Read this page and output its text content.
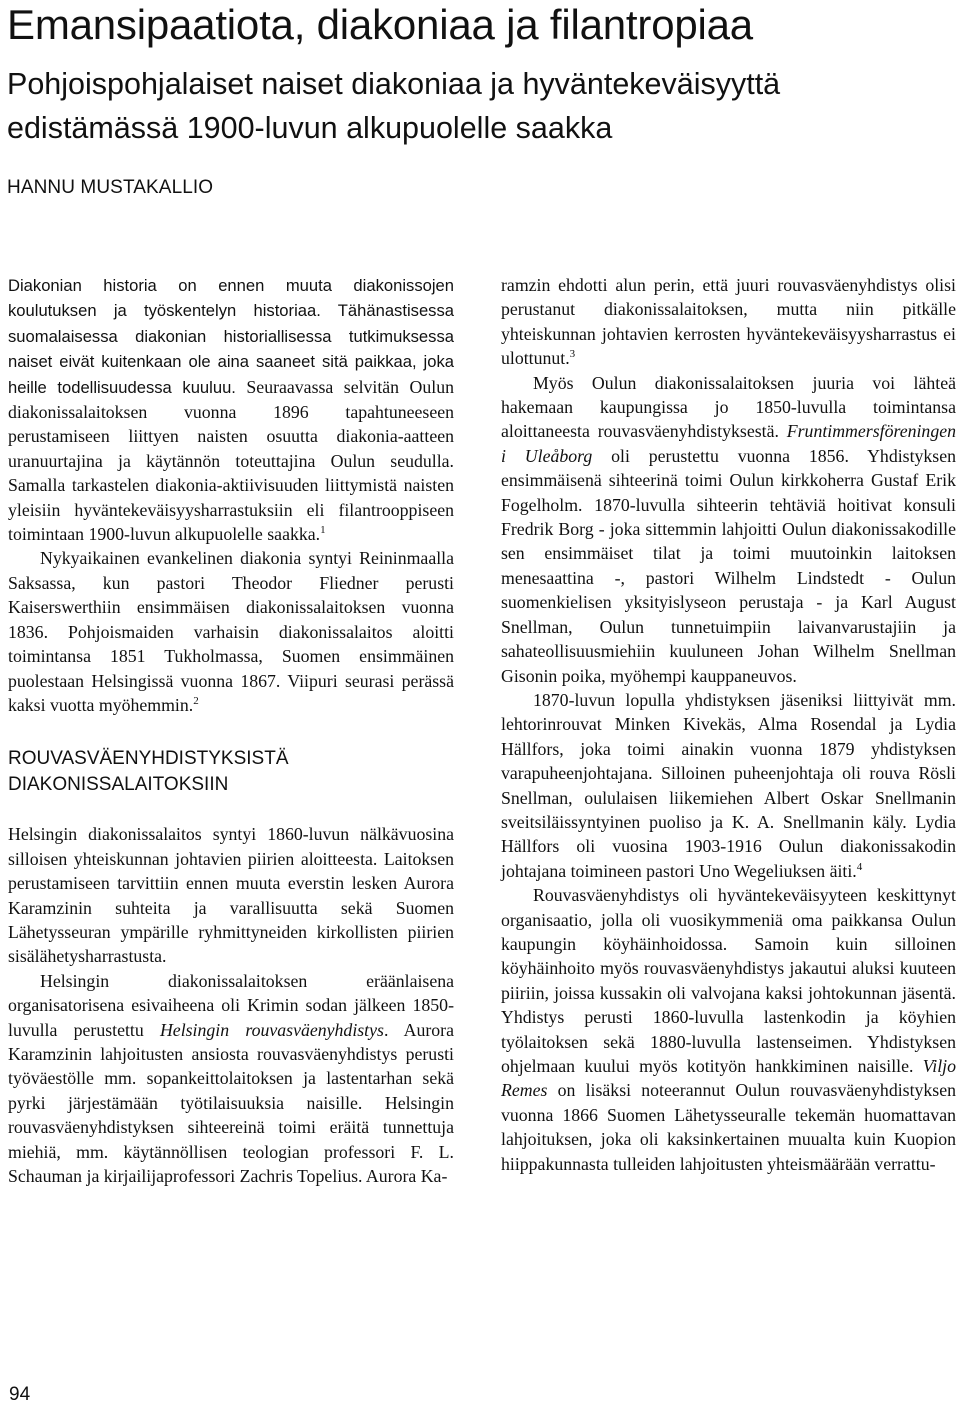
Emansipaatiota, diakoniaa ja filantropiaa
Pohjoispohjalaiset naiset diakoniaa ja hyväntekeväisyyttä
edistämässä 1900-luvun alkupuolelle saakka
HANNU MUSTAKALLIO

Diakonian historia on ennen muuta diakonissojen koulutuksen ja työskentelyn historiaa. Tähänastisessa suomalaisessa diakonian historiallisessa tutkimuksessa naiset eivät kuitenkaan ole aina saaneet sitä paikkaa, joka heille todellisuudessa kuuluu. Seuraavassa selvitän Oulun diakonissalaitoksen vuonna 1896 tapahtuneeseen perustamiseen liittyen naisten osuutta diakonia-aatteen uranuurtajina ja käytännön toteuttajina Oulun seudulla. Samalla tarkastelen diakonia-aktiivisuuden liittymistä naisten yleisiin hyväntekeväisyysharrastuksiin eli filantrooppiseen toimintaan 1900-luvun alkupuolelle saakka.$^1$

Nykyaikainen evankelinen diakonia syntyi Reininmaalla Saksassa, kun pastori Theodor Fliedner perusti Kaiserswerthiin ensimmäisen diakonissalaitoksen vuonna 1836. Pohjoismaiden varhaisin diakonissalaitos aloitti toimintansa 1851 Tukholmassa, Suomen ensimmäinen puolestaan Helsingissä vuonna 1867. Viipuri seurasi perässä kaksi vuotta myöhemmin.$^2$

ROUVASVÄENYHDISTYKSISTÄ
DIAKONISSALAITOKSIIN

Helsingin diakonissalaitos syntyi 1860-luvun nälkävuosina silloisen yhteiskunnan johtavien piirien aloitteesta. Laitoksen perustamiseen tarvittiin ennen muuta everstin lesken Aurora Karamzinin suhteita ja varallisuutta sekä Suomen Lähetysseuran ympärille ryhmittyneiden kirkollisten piirien sisälähetysharrastusta.

Helsingin diakonissalaitoksen eräänlaisena organisatorisena esivaiheena oli Krimin sodan jälkeen 1850-luvulla perustettu Helsingin rouvasväenyhdistys. Aurora Karamzinin lahjoitusten ansiosta rouvasväenyhdistys perusti työväestölle mm. sopankeittolaitoksen ja lastentarhan sekä pyrki järjestämään työtilaisuuksia naisille. Helsingin rouvasväenyhdistyksen sihteereinä toimi eräitä tunnettuja miehiä, mm. käytännöllisen teologian professori F. L. Schauman ja kirjailijaprofessori Zachris Topelius. Aurora Ka-

ramzin ehdotti alun perin, että juuri rouvasväenyhdistys olisi perustanut diakonissalaitoksen, mutta niin pitkälle yhteiskunnan johtavien kerrosten hyväntekeväisyysharrastus ei ulottunut.$^3$

Myös Oulun diakonissalaitoksen juuria voi lähteä hakemaan kaupungissa jo 1850-luvulla toimintansa aloittaneesta rouvasväenyhdistyksestä. Fruntimmersföreningen i Uleåborg oli perustettu vuonna 1856. Yhdistyksen ensimmäisenä sihteerinä toimi Oulun kirkkoherra Gustaf Erik Fogelholm. 1870-luvulla sihteerin tehtäviä hoitivat konsuli Fredrik Borg - joka sittemmin lahjoitti Oulun diakonissakodille sen ensimmäiset tilat ja toimi muutoinkin laitoksen menesaattina -, pastori Wilhelm Lindstedt - Oulun suomenkielisen yksityislyseon perustaja - ja Karl August Snellman, Oulun tunnetuimpiin laivanvarustajiin ja sahateollisuusmiehiin kuuluneen Johan Wilhelm Snellman Gisonin poika, myöhempi kauppaneuvos.

1870-luvun lopulla yhdistyksen jäseniksi liittyivät mm. lehtorinrouvat Minken Kivekäs, Alma Rosendal ja Lydia Hällfors, joka toimi ainakin vuonna 1879 yhdistyksen varapuheenjohtajana. Silloinen puheenjohtaja oli rouva Rösli Snellman, oululaisen liikemiehen Albert Oskar Snellmanin sveitsiläissyntyinen puoliso ja K. A. Snellmanin käly. Lydia Hällfors oli vuosina 1903-1916 Oulun diakonissakodin johtajana toimineen pastori Uno Wegeliuksen äiti.$^4$

Rouvasväenyhdistys oli hyväntekeväisyyteen keskittynyt organisaatio, jolla oli vuosikymmeniä oma paikkansa Oulun kaupungin köyhäinhoidossa. Samoin kuin silloinen köyhäinhoito myös rouvasväenyhdistys jakautui aluksi kuuteen piiriin, joissa kussakin oli valvojana kaksi johtokunnan jäsentä. Yhdistys perusti 1860-luvulla lastenkodin ja köyhien työlaitoksen sekä 1880-luvulla lastenseimen. Yhdistyksen ohjelmaan kuului myös kotityön hankkiminen naisille. Viljo Remes on lisäksi noteerannut Oulun rouvasväenyhdistyksen vuonna 1866 Suomen Lähetysseuralle tekemän huomattavan lahjoituksen, joka oli kaksinkertainen muualta kuin Kuopion hiippakunnasta tulleiden lahjoitusten yhteismäärään verrattu-

94
